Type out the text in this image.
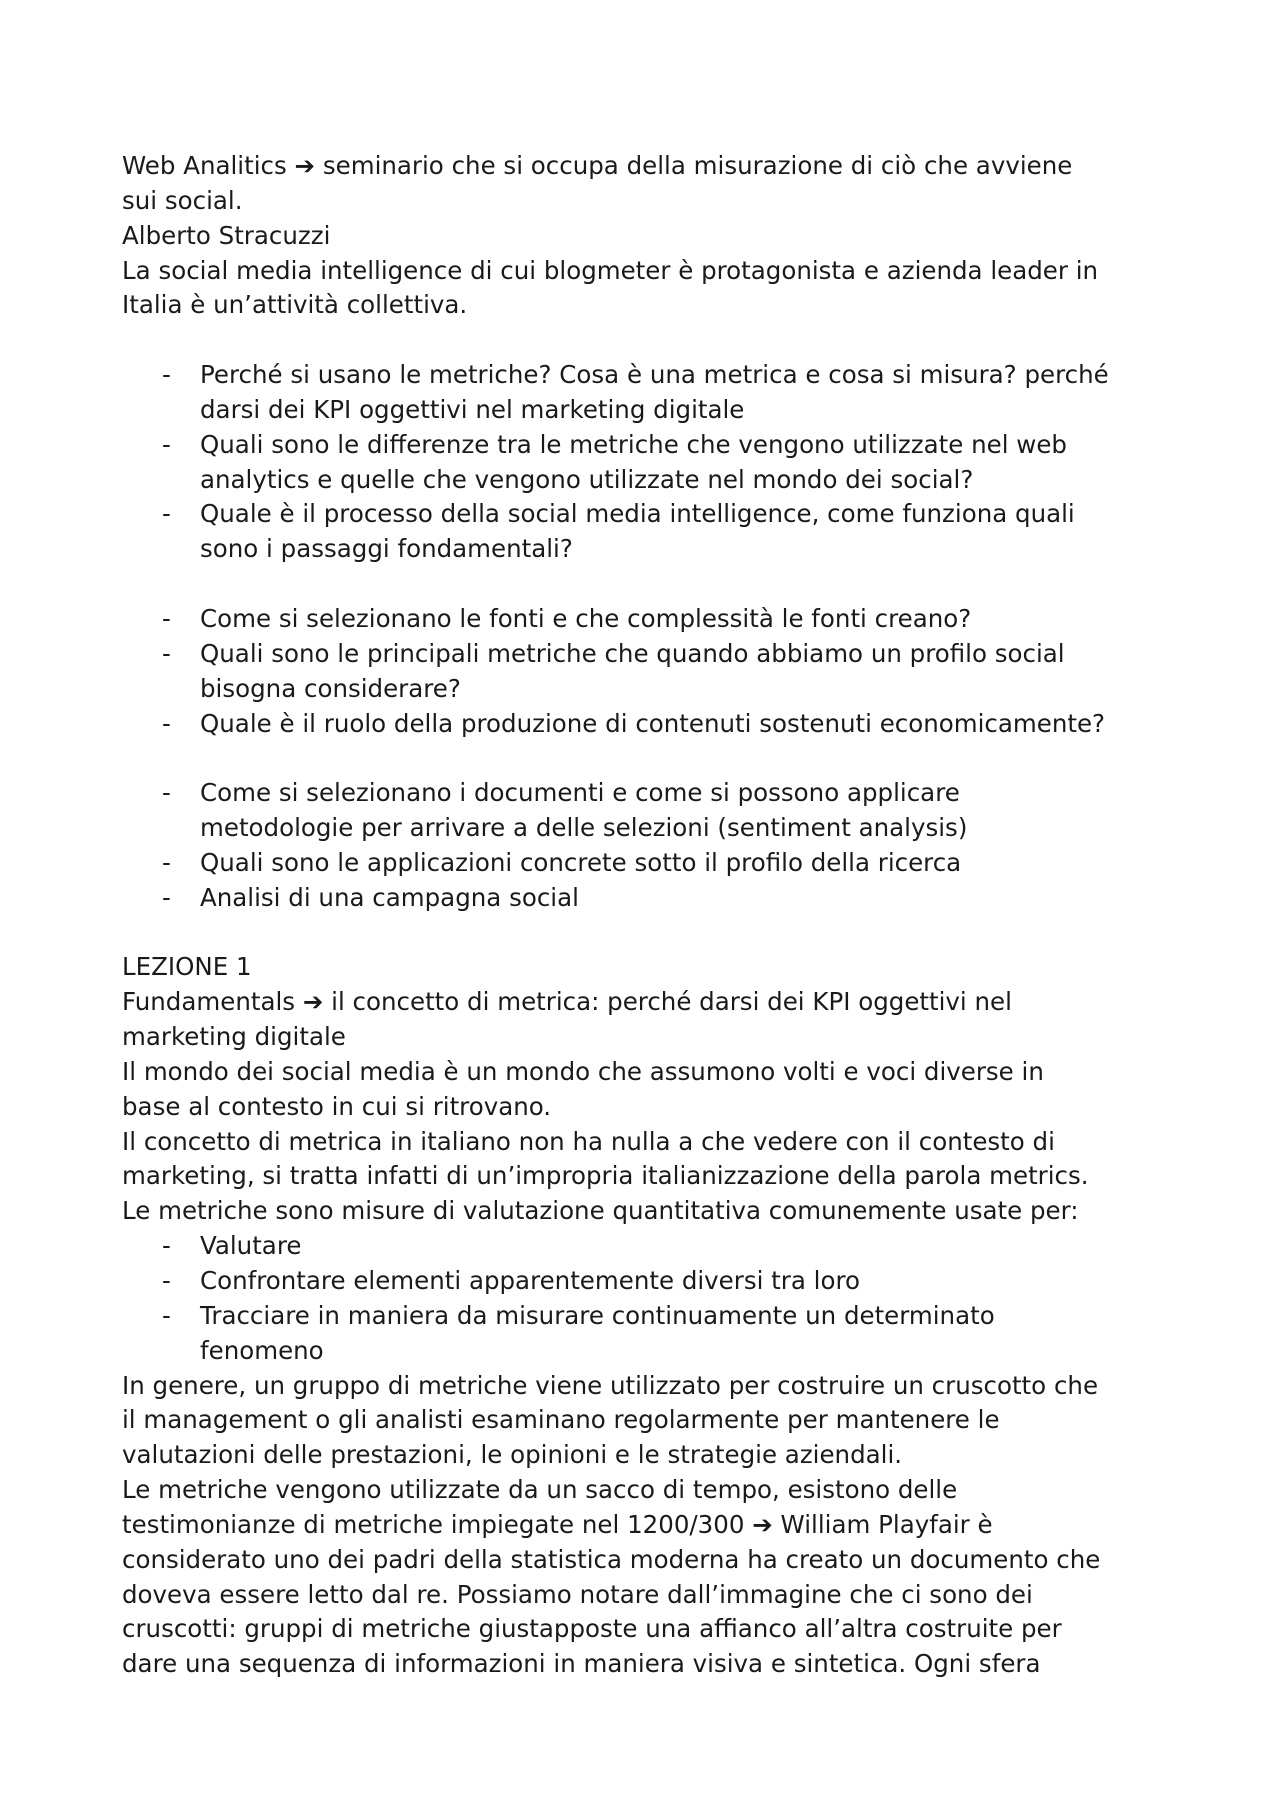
Web Analitics ➔ seminario che si occupa della misurazione di ciò che avviene
sui social.
Alberto Stracuzzi
La social media intelligence di cui blogmeter è protagonista e azienda leader in
Italia è un’attività collettiva.
- Perché si usano le metriche? Cosa è una metrica e cosa si misura? perché
darsi dei KPI oggettivi nel marketing digitale
- Quali sono le differenze tra le metriche che vengono utilizzate nel web
analytics e quelle che vengono utilizzate nel mondo dei social?
- Quale è il processo della social media intelligence, come funziona quali
sono i passaggi fondamentali?
- Come si selezionano le fonti e che complessità le fonti creano?
- Quali sono le principali metriche che quando abbiamo un profilo social
bisogna considerare?
- Quale è il ruolo della produzione di contenuti sostenuti economicamente?
- Come si selezionano i documenti e come si possono applicare
metodologie per arrivare a delle selezioni (sentiment analysis)
- Quali sono le applicazioni concrete sotto il profilo della ricerca
- Analisi di una campagna social
LEZIONE 1
Fundamentals ➔ il concetto di metrica: perché darsi dei KPI oggettivi nel
marketing digitale
Il mondo dei social media è un mondo che assumono volti e voci diverse in
base al contesto in cui si ritrovano.
Il concetto di metrica in italiano non ha nulla a che vedere con il contesto di
marketing, si tratta infatti di un’impropria italianizzazione della parola metrics.
Le metriche sono misure di valutazione quantitativa comunemente usate per:
- Valutare
- Confrontare elementi apparentemente diversi tra loro
- Tracciare in maniera da misurare continuamente un determinato
fenomeno
In genere, un gruppo di metriche viene utilizzato per costruire un cruscotto che
il management o gli analisti esaminano regolarmente per mantenere le
valutazioni delle prestazioni, le opinioni e le strategie aziendali.
Le metriche vengono utilizzate da un sacco di tempo, esistono delle
testimonianze di metriche impiegate nel 1200/300 ➔ William Playfair è
considerato uno dei padri della statistica moderna ha creato un documento che
doveva essere letto dal re. Possiamo notare dall’immagine che ci sono dei
cruscotti: gruppi di metriche giustapposte una affianco all’altra costruite per
dare una sequenza di informazioni in maniera visiva e sintetica. Ogni sfera
